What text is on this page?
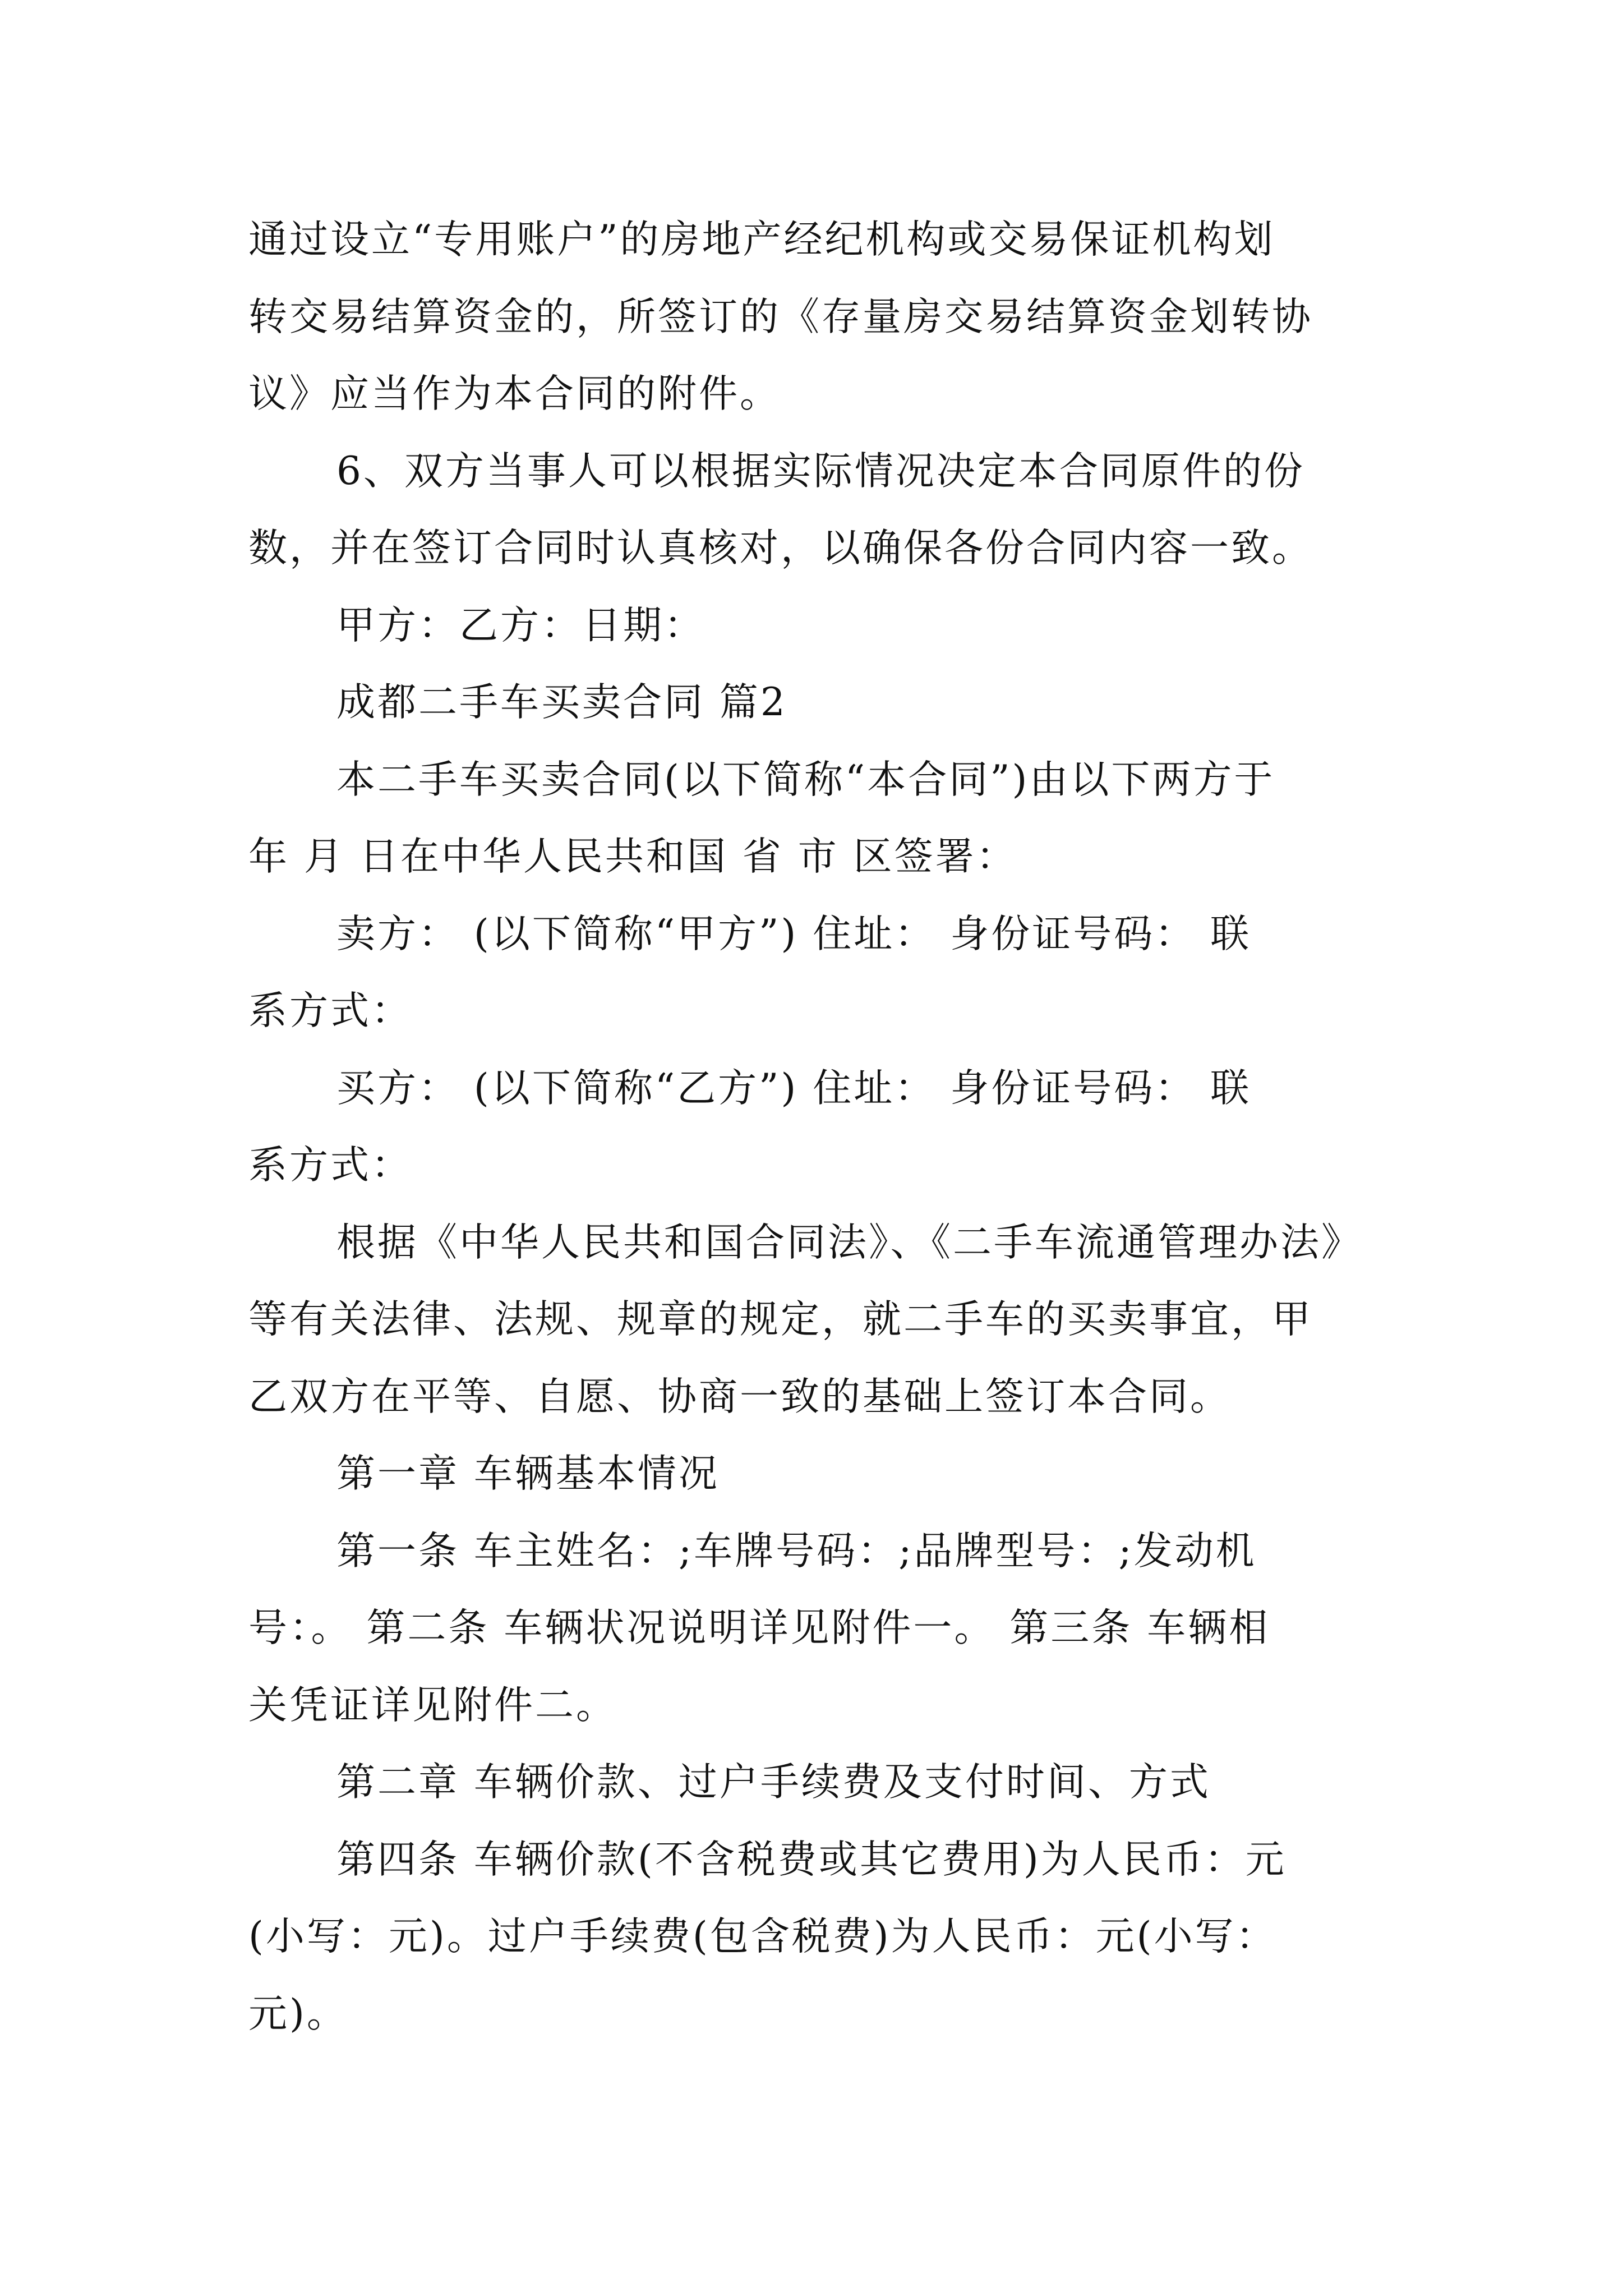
通过设立“专用账户”的房地产经纪机构或交易保证机构划
转交易结算资金的，所签订的《存量房交易结算资金划转协
议》应当作为本合同的附件。
6、双方当事人可以根据实际情况决定本合同原件的份
数，并在签订合同时认真核对，以确保各份合同内容一致。
甲方：乙方：日期：
成都二手车买卖合同 篇2
本二手车买卖合同(以下简称“本合同”)由以下两方于
年 月 日在中华人民共和国 省 市 区签署：
卖方： (以下简称“甲方”) 住址： 身份证号码： 联
系方式：
买方： (以下简称“乙方”) 住址： 身份证号码： 联
系方式：
根据《中华人民共和国合同法》、《二手车流通管理办法》
等有关法律、法规、规章的规定，就二手车的买卖事宜，甲
乙双方在平等、自愿、协商一致的基础上签订本合同。
第一章 车辆基本情况
第一条 车主姓名：;车牌号码：;品牌型号：;发动机
号：。 第二条 车辆状况说明详见附件一。 第三条 车辆相
关凭证详见附件二。
第二章 车辆价款、过户手续费及支付时间、方式
第四条 车辆价款(不含税费或其它费用)为人民币：元
(小写：元)。过户手续费(包含税费)为人民币：元(小写：
元)。
